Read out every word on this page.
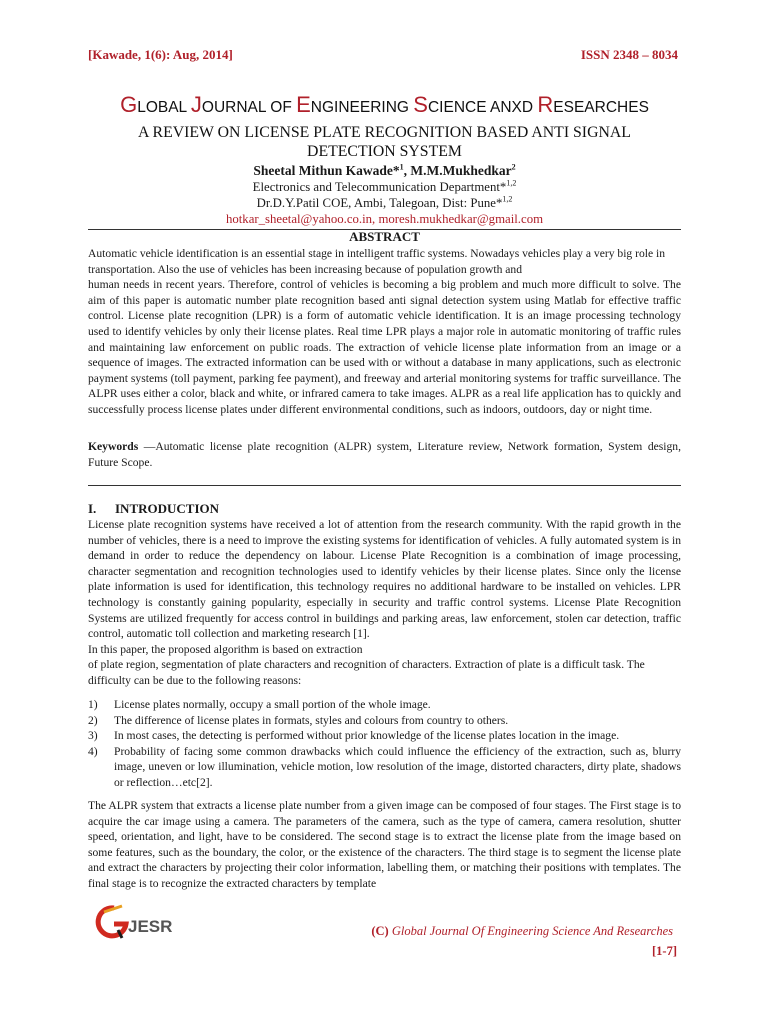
[Kawade, 1(6): Aug, 2014]	ISSN 2348 – 8034
GLOBAL JOURNAL OF ENGINEERING SCIENCE ANXD RESEARCHES
A REVIEW ON LICENSE PLATE RECOGNITION BASED ANTI SIGNAL
DETECTION SYSTEM
Sheetal Mithun Kawade*$^1$, M.M.Mukhedkar$^2$
Electronics and Telecommunication Department*$^{1,2}$
Dr.D.Y.Patil COE, Ambi, Talegoan, Dist: Pune*$^{1,2}$
hotkar_sheetal@yahoo.co.in, moresh.mukhedkar@gmail.com
ABSTRACT
Automatic vehicle identification is an essential stage in intelligent traffic systems. Nowadays vehicles play a very big role in transportation. Also the use of vehicles has been increasing because of population growth and
human needs in recent years. Therefore, control of vehicles is becoming a big problem and much more difficult to solve. The aim of this paper is automatic number plate recognition based anti signal detection system using Matlab for effective traffic control. License plate recognition (LPR) is a form of automatic vehicle identification. It is an image processing technology used to identify vehicles by only their license plates. Real time LPR plays a major role in automatic monitoring of traffic rules and maintaining law enforcement on public roads. The extraction of vehicle license plate information from an image or a sequence of images. The extracted information can be used with or without a database in many applications, such as electronic payment systems (toll payment, parking fee payment), and freeway and arterial monitoring systems for traffic surveillance. The ALPR uses either a color, black and white, or infrared camera to take images. ALPR as a real life application has to quickly and successfully process license plates under different environmental conditions, such as indoors, outdoors, day or night time.
Keywords —Automatic license plate recognition (ALPR) system, Literature review, Network formation, System design, Future Scope.
I. INTRODUCTION
License plate recognition systems have received a lot of attention from the research community. With the rapid growth in the number of vehicles, there is a need to improve the existing systems for identification of vehicles. A fully automated system is in demand in order to reduce the dependency on labour. License Plate Recognition is a combination of image processing, character segmentation and recognition technologies used to identify vehicles by their license plates. Since only the license plate information is used for identification, this technology requires no additional hardware to be installed on vehicles. LPR technology is constantly gaining popularity, especially in security and traffic control systems. License Plate Recognition Systems are utilized frequently for access control in buildings and parking areas, law enforcement, stolen car detection, traffic control, automatic toll collection and marketing research [1].
In this paper, the proposed algorithm is based on extraction
of plate region, segmentation of plate characters and recognition of characters. Extraction of plate is a difficult task. The difficulty can be due to the following reasons:
1)	License plates normally, occupy a small portion of the whole image.
2)	The difference of license plates in formats, styles and colours from country to others.
3)	In most cases, the detecting is performed without prior knowledge of the license plates location in the image.
4)	Probability of facing some common drawbacks which could influence the efficiency of the extraction, such as, blurry image, uneven or low illumination, vehicle motion, low resolution of the image, distorted characters, dirty plate, shadows or reflection…etc[2].
The ALPR system that extracts a license plate number from a given image can be composed of four stages. The First stage is to acquire the car image using a camera. The parameters of the camera, such as the type of camera, camera resolution, shutter speed, orientation, and light, have to be considered. The second stage is to extract the license plate from the image based on some features, such as the boundary, the color, or the existence of the characters. The third stage is to segment the license plate and extract the characters by projecting their color information, labelling them, or matching their positions with templates. The final stage is to recognize the extracted characters by template
JESR	(C) Global Journal Of Engineering Science And Researches
[1-7]
